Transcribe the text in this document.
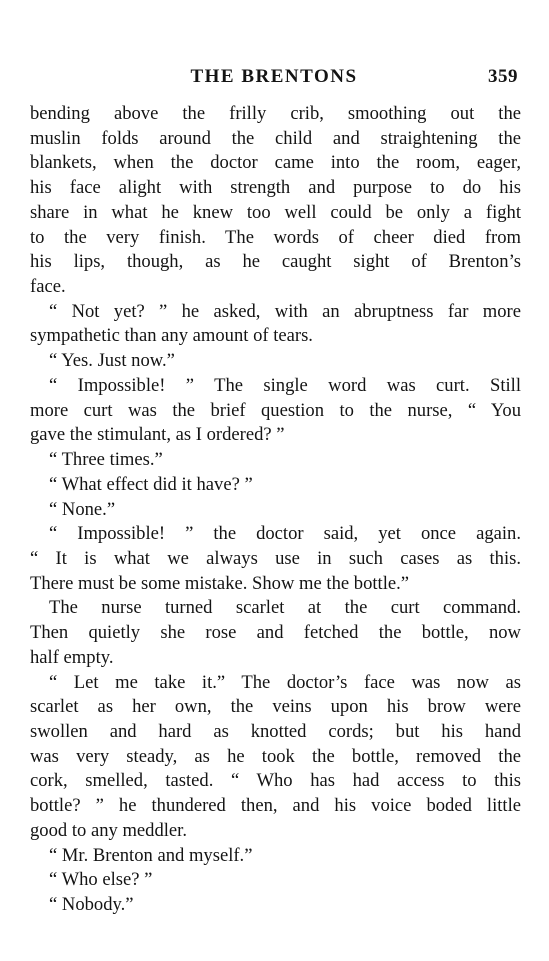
THE BRENTONS	359
bending above the frilly crib, smoothing out the
muslin folds around the child and straightening the
blankets, when the doctor came into the room, eager,
his face alight with strength and purpose to do his
share in what he knew too well could be only a fight
to the very finish. The words of cheer died from
his lips, though, as he caught sight of Brenton’s
face.
“ Not yet? ” he asked, with an abruptness far more
sympathetic than any amount of tears.
“ Yes. Just now.”
“ Impossible! ” The single word was curt. Still
more curt was the brief question to the nurse, “ You
gave the stimulant, as I ordered? ”
“ Three times.”
“ What effect did it have? ”
“ None.”
“ Impossible! ” the doctor said, yet once again.
“ It is what we always use in such cases as this.
There must be some mistake. Show me the bottle.”
The nurse turned scarlet at the curt command.
Then quietly she rose and fetched the bottle, now
half empty.
“ Let me take it.” The doctor’s face was now as
scarlet as her own, the veins upon his brow were
swollen and hard as knotted cords; but his hand
was very steady, as he took the bottle, removed the
cork, smelled, tasted. “ Who has had access to this
bottle? ” he thundered then, and his voice boded little
good to any meddler.
“ Mr. Brenton and myself.”
“ Who else? ”
“ Nobody.”
